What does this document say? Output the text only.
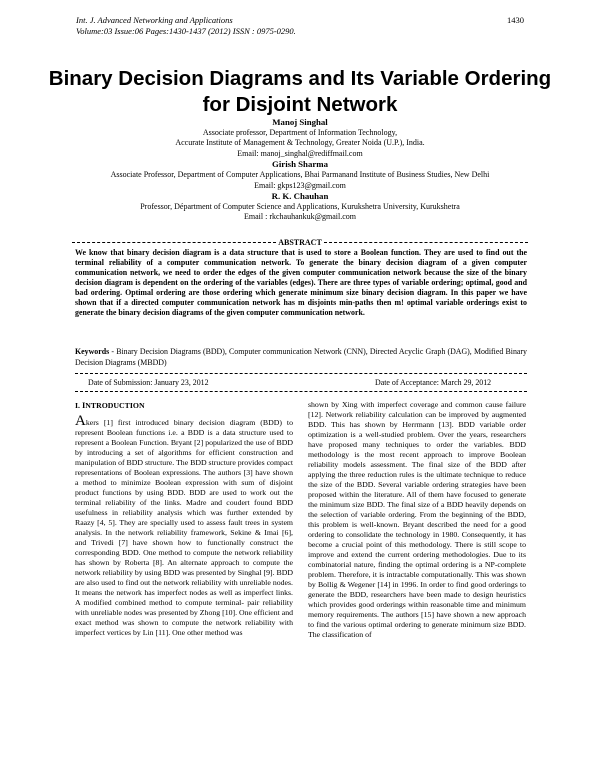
Int. J. Advanced Networking and Applications
Volume:03 Issue:06 Pages:1430-1437 (2012) ISSN : 0975-0290.
1430
Binary Decision Diagrams and Its Variable Ordering for Disjoint Network
Manoj Singhal
Associate professor, Department of Information Technology,
Accurate Institute of Management & Technology, Greater Noida (U.P.), India.
Email: manoj_singhal@rediffmail.com
Girish Sharma
Associate Professor, Department of Computer Applications, Bhai Parmanand Institute of Business Studies, New Delhi
Email: gkps123@gmail.com
R. K. Chauhan
Professor, Départment of Computer Science and Applications, Kurukshetra University, Kurukshetra
Email : rkchauhankuk@gmail.com
ABSTRACT

We know that binary decision diagram is a data structure that is used to store a Boolean function. They are used to find out the terminal reliability of a computer communication network. To generate the binary decision diagram of a given computer communication network, we need to order the edges of the given computer communication network because the size of the binary decision diagram is dependent on the ordering of the variables (edges). There are three types of variable ordering; optimal, good and bad ordering. Optimal ordering are those ordering which generate minimum size binary decision diagram. In this paper we have shown that if a directed computer communication network has m disjoints min-paths then m! optimal variable orderings exist to generate the binary decision diagrams of the given computer communication network.

Keywords - Binary Decision Diagrams (BDD), Computer communication Network (CNN), Directed Acyclic Graph (DAG), Modified Binary Decision Diagrams (MBDD)

Date of Submission: January 23, 2012	Date of Acceptance: March 29, 2012
I. INTRODUCTION

Akers [1] first introduced binary decision diagram (BDD) to represent Boolean functions i.e. a BDD is a data structure used to represent a Boolean Function. Bryant [2] popularized the use of BDD by introducing a set of algorithms for efficient construction and manipulation of BDD structure. The BDD structure provides compact representations of Boolean expressions. The authors [3] have shown a method to minimize Boolean expression with sum of disjoint product functions by using BDD. BDD are used to work out the terminal reliability of the links. Madre and coudert found BDD usefulness in reliability analysis which was further extended by Raazy [4, 5]. They are specially used to assess fault trees in system analysis. In the network reliability framework, Sekine & Imai [6], and Trivedi [7] have shown how to functionally construct the corresponding BDD. One method to compute the network reliability has shown by Roberta [8]. An alternate approach to compute the network reliability by using BDD was presented by Singhal [9]. BDD are also used to find out the network reliability with unreliable nodes. It means the network has imperfect nodes as well as imperfect links. A modified combined method to compute terminal- pair reliability with unreliable nodes was presented by Zhong [10]. One efficient and exact method was shown to compute the network reliability with imperfect vertices by Lin [11]. One other method was

shown by Xing with imperfect coverage and common cause failure [12]. Network reliability calculation can be improved by augmented BDD. This has shown by Herrmann [13]. BDD variable order optimization is a well-studied problem. Over the years, researchers have proposed many techniques to order the variables. BDD methodology is the most recent approach to improve Boolean reliability models assessment. The final size of the BDD after applying the three reduction rules is the ultimate technique to reduce the size of the BDD. Several variable ordering strategies have been proposed within the literature. All of them have focused to generate the minimum size BDD. The final size of a BDD heavily depends on the selection of variable ordering. From the beginning of the BDD, this problem is well-known. Bryant described the need for a good ordering to consolidate the technology in 1980. Consequently, it has become a crucial point of this methodology. There is still scope to improve and extend the current ordering methodologies. Due to its combinatorial nature, finding the optimal ordering is a NP-complete problem. Therefore, it is intractable computationally. This was shown by Bollig & Wegener [14] in 1996. In order to find good orderings to generate the BDD, researchers have been made to design heuristics which provides good orderings within reasonable time and minimum memory requirements. The authors [15] have shown a new approach to find the various optimal ordering to generate minimum size BDD. The classification of
